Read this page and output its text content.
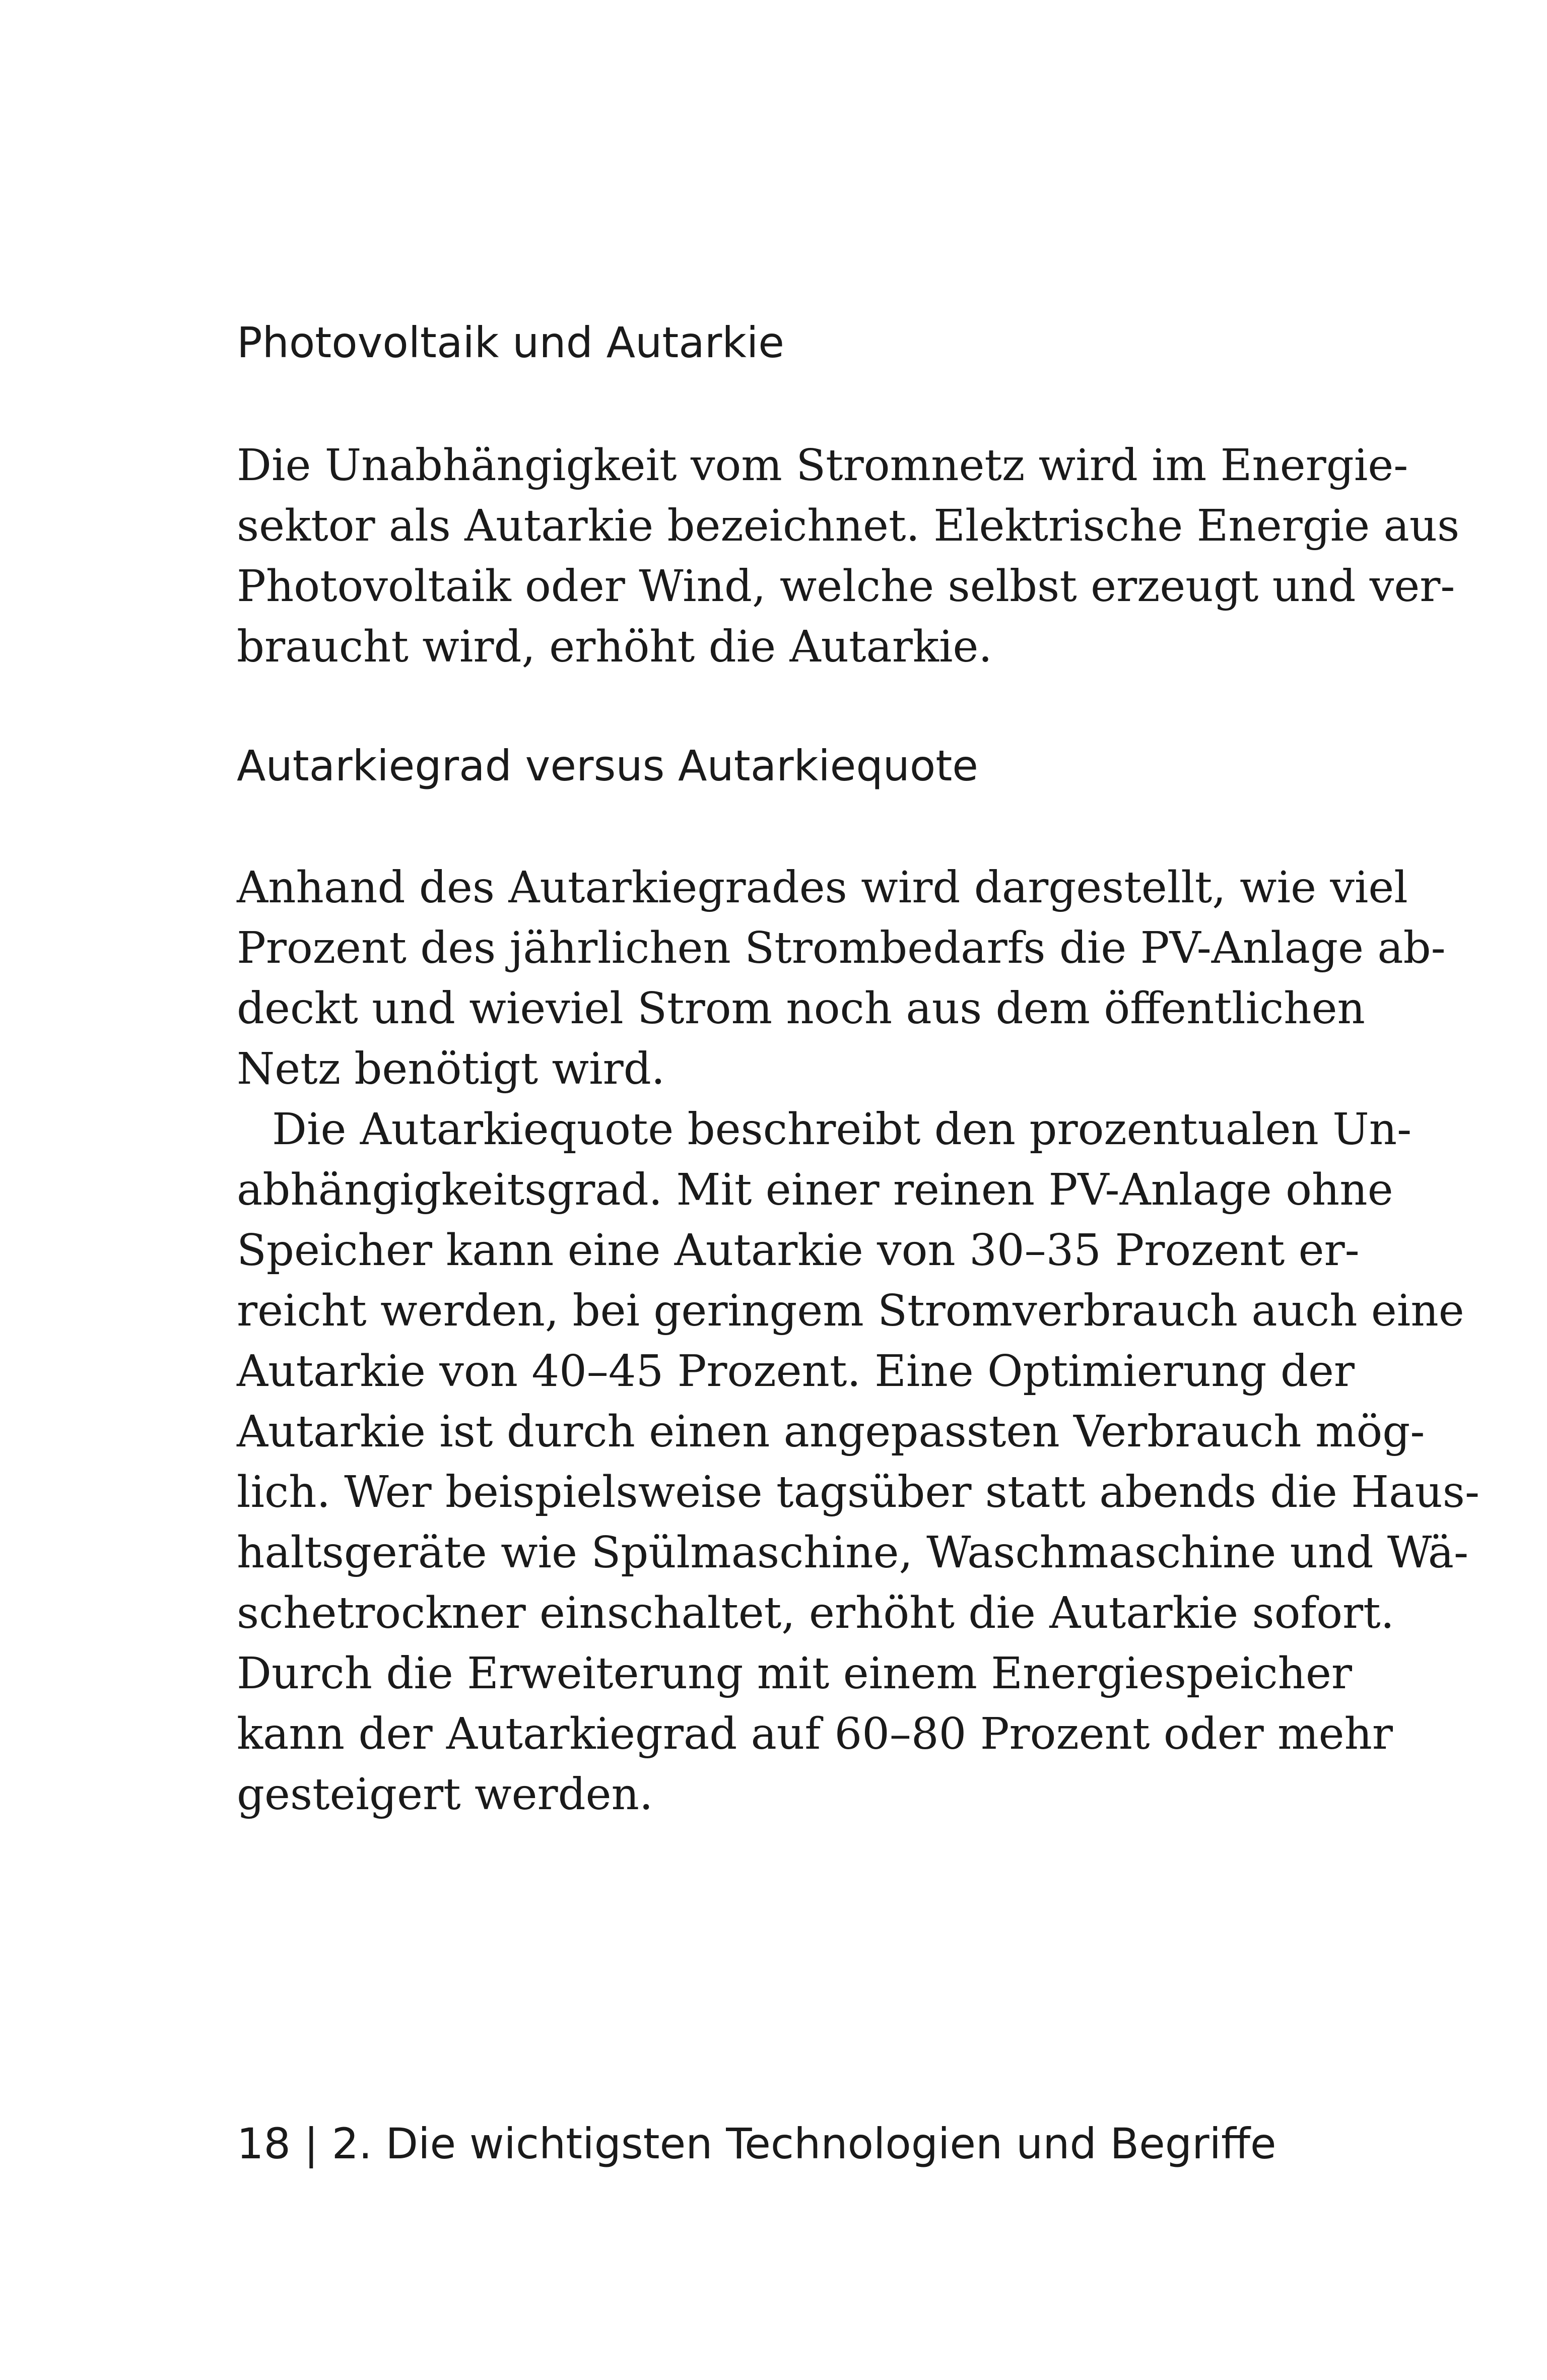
Photovoltaik und Autarkie
Die Unabhängigkeit vom Stromnetz wird im Energie-
sektor als Autarkie bezeichnet. Elektrische Energie aus
Photovoltaik oder Wind, welche selbst erzeugt und ver-
braucht wird, erhöht die Autarkie.
Autarkiegrad versus Autarkiequote
Anhand des Autarkiegrades wird dargestellt, wie viel
Prozent des jährlichen Strombedarfs die PV-Anlage ab-
deckt und wieviel Strom noch aus dem öffentlichen
Netz benötigt wird.
Die Autarkiequote beschreibt den prozentualen Un-
abhängigkeitsgrad. Mit einer reinen PV-Anlage ohne
Speicher kann eine Autarkie von 30–35 Prozent er-
reicht werden, bei geringem Stromverbrauch auch eine
Autarkie von 40–45 Prozent. Eine Optimierung der
Autarkie ist durch einen angepassten Verbrauch mög-
lich. Wer beispielsweise tagsüber statt abends die Haus-
haltsgeräte wie Spülmaschine, Waschmaschine und Wä-
schetrockner einschaltet, erhöht die Autarkie sofort.
Durch die Erweiterung mit einem Energiespeicher
kann der Autarkiegrad auf 60–80 Prozent oder mehr
gesteigert werden.
18 | 2. Die wichtigsten Technologien und Begriffe
